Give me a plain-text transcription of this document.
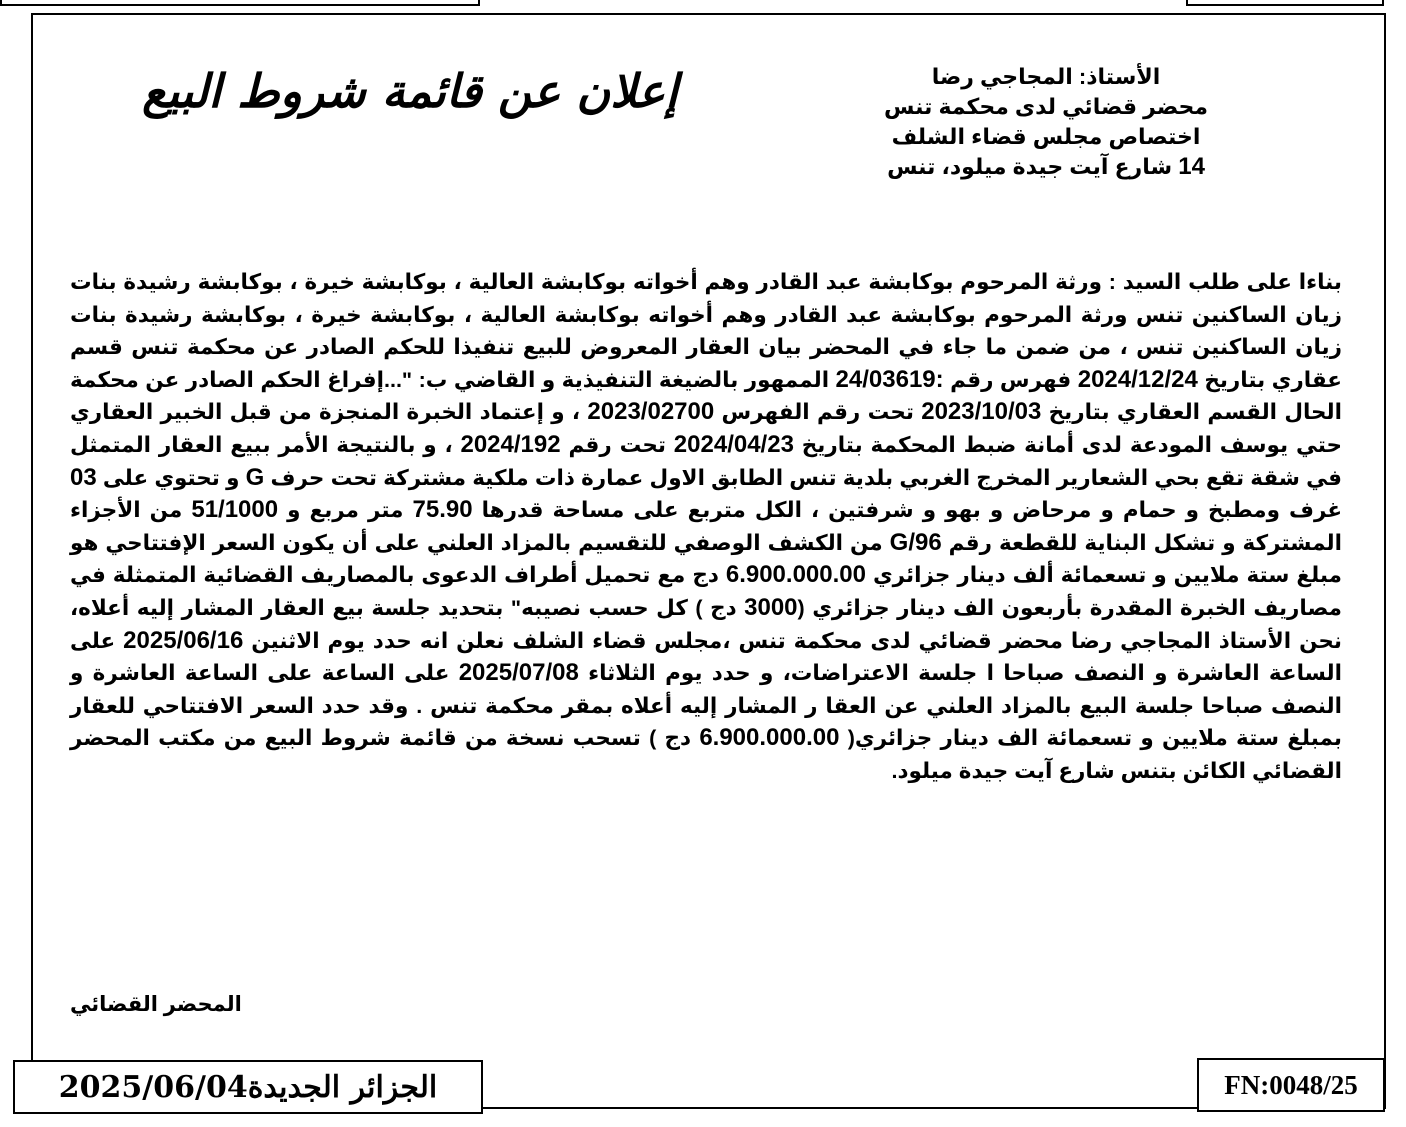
إعلان عن قائمة شروط البيع	الأستاذ: المجاجي رضا
محضر قضائي لدى محكمة تنس
اختصاص مجلس قضاء الشلف
14 شارع آيت جيدة ميلود، تنس
بناءا على طلب السيد : ورثة المرحوم بوكابشة عبد القادر وهم أخواته بوكابشة العالية ، بوكابشة خيرة ، بوكابشة رشيدة بنات زيان الساكنين تنس ورثة المرحوم بوكابشة عبد القادر وهم أخواته بوكابشة العالية ، بوكابشة خيرة ، بوكابشة رشيدة بنات زيان الساكنين تنس ، من ضمن ما جاء في المحضر بيان العقار المعروض للبيع تنفيذا للحكم الصادر عن محكمة تنس قسم عقاري بتاريخ 2024/12/24 فهرس رقم :24/03619 الممهور بالضيغة التنفيذية و القاضي ب: "...إفراغ الحكم الصادر عن محكمة الحال القسم العقاري بتاريخ 2023/10/03 تحت رقم الفهرس 2023/02700 ، و إعتماد الخبرة المنجزة من قبل الخبير العقاري حتي يوسف المودعة لدى أمانة ضبط المحكمة بتاريخ 2024/04/23 تحت رقم 2024/192 ، و بالنتيجة الأمر ببيع العقار المتمثل في شقة تقع بحي الشعارير المخرج الغربي بلدية تنس الطابق الاول عمارة ذات ملكية مشتركة تحت حرف G و تحتوي على 03 غرف ومطبخ و حمام و مرحاض و بهو و شرفتين ، الكل متربع على مساحة قدرها 75.90 متر مربع و 51/1000 من الأجزاء المشتركة و تشكل البناية للقطعة رقم G/96 من الكشف الوصفي للتقسيم بالمزاد العلني على أن يكون السعر الإفتتاحي هو مبلغ ستة ملايين و تسعمائة ألف دينار جزائري 6.900.000.00 دج مع تحميل أطراف الدعوى بالمصاريف القضائية المتمثلة في مصاريف الخبرة المقدرة بأربعون الف دينار جزائري (3000 دج ) كل حسب نصيبه" بتحديد جلسة بيع العقار المشار إليه أعلاه، نحن الأستاذ المجاجي رضا محضر قضائي لدى محكمة تنس ،مجلس قضاء الشلف نعلن انه حدد يوم الاثنين 2025/06/16 على الساعة العاشرة و النصف صباحا ا جلسة الاعتراضات، و حدد يوم الثلاثاء 2025/07/08 على الساعة على الساعة العاشرة و النصف صباحا جلسة البيع بالمزاد العلني عن العقا ر المشار إليه أعلاه بمقر محكمة تنس . وقد حدد السعر الافتتاحي للعقار بمبلغ ستة ملايين و تسعمائة الف دينار جزائري( 6.900.000.00 دج ) تسحب نسخة من قائمة شروط البيع من مكتب المحضر القضائي الكائن بتنس شارع آيت جيدة ميلود.
المحضر القضائي
2025/06/04 الجزائر الجديدة	FN:0048/25
